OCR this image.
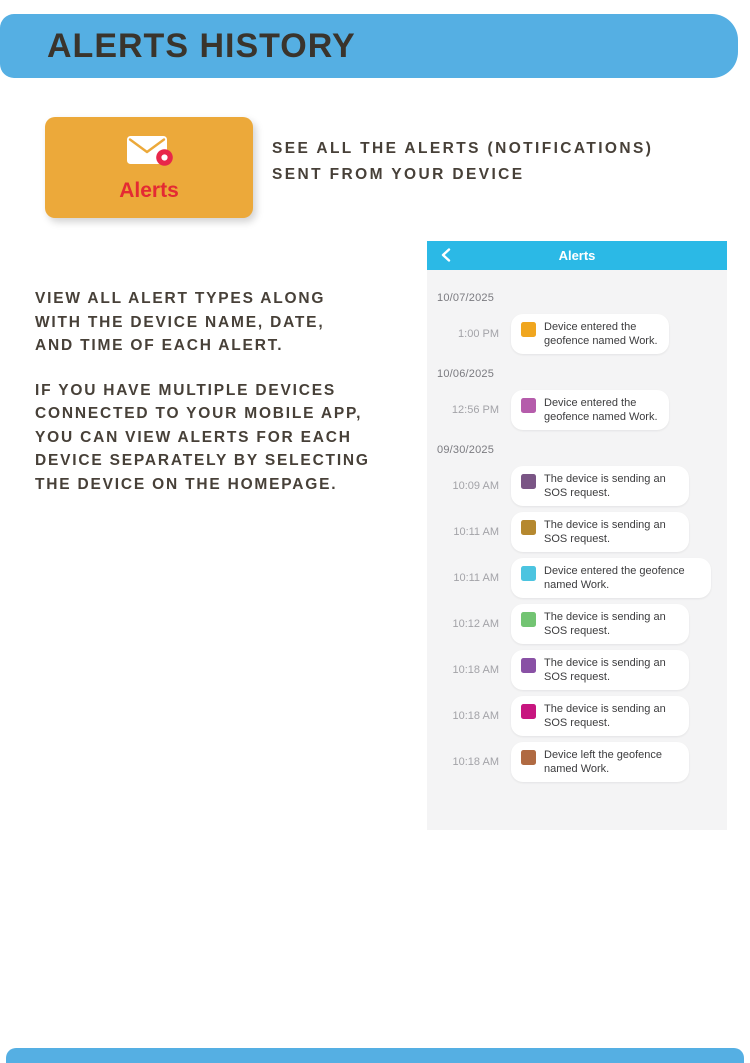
ALERTS HISTORY
Alerts
SEE ALL THE ALERTS (NOTIFICATIONS)
SENT FROM YOUR DEVICE
VIEW ALL ALERT TYPES ALONG
WITH THE DEVICE NAME, DATE,
AND TIME OF EACH ALERT.
IF YOU HAVE MULTIPLE DEVICES
CONNECTED TO YOUR MOBILE APP,
YOU CAN VIEW ALERTS FOR EACH
DEVICE SEPARATELY BY SELECTING
THE DEVICE ON THE HOMEPAGE.
Alerts
10/07/2025
1:00 PM
Device entered the geofence named Work.
10/06/2025
12:56 PM
Device entered the geofence named Work.
09/30/2025
10:09 AM
The device is sending an SOS request.
10:11 AM
The device is sending an SOS request.
10:11 AM
Device entered the geofence named Work.
10:12 AM
The device is sending an SOS request.
10:18 AM
The device is sending an SOS request.
10:18 AM
The device is sending an SOS request.
10:18 AM
Device left the geofence named Work.
